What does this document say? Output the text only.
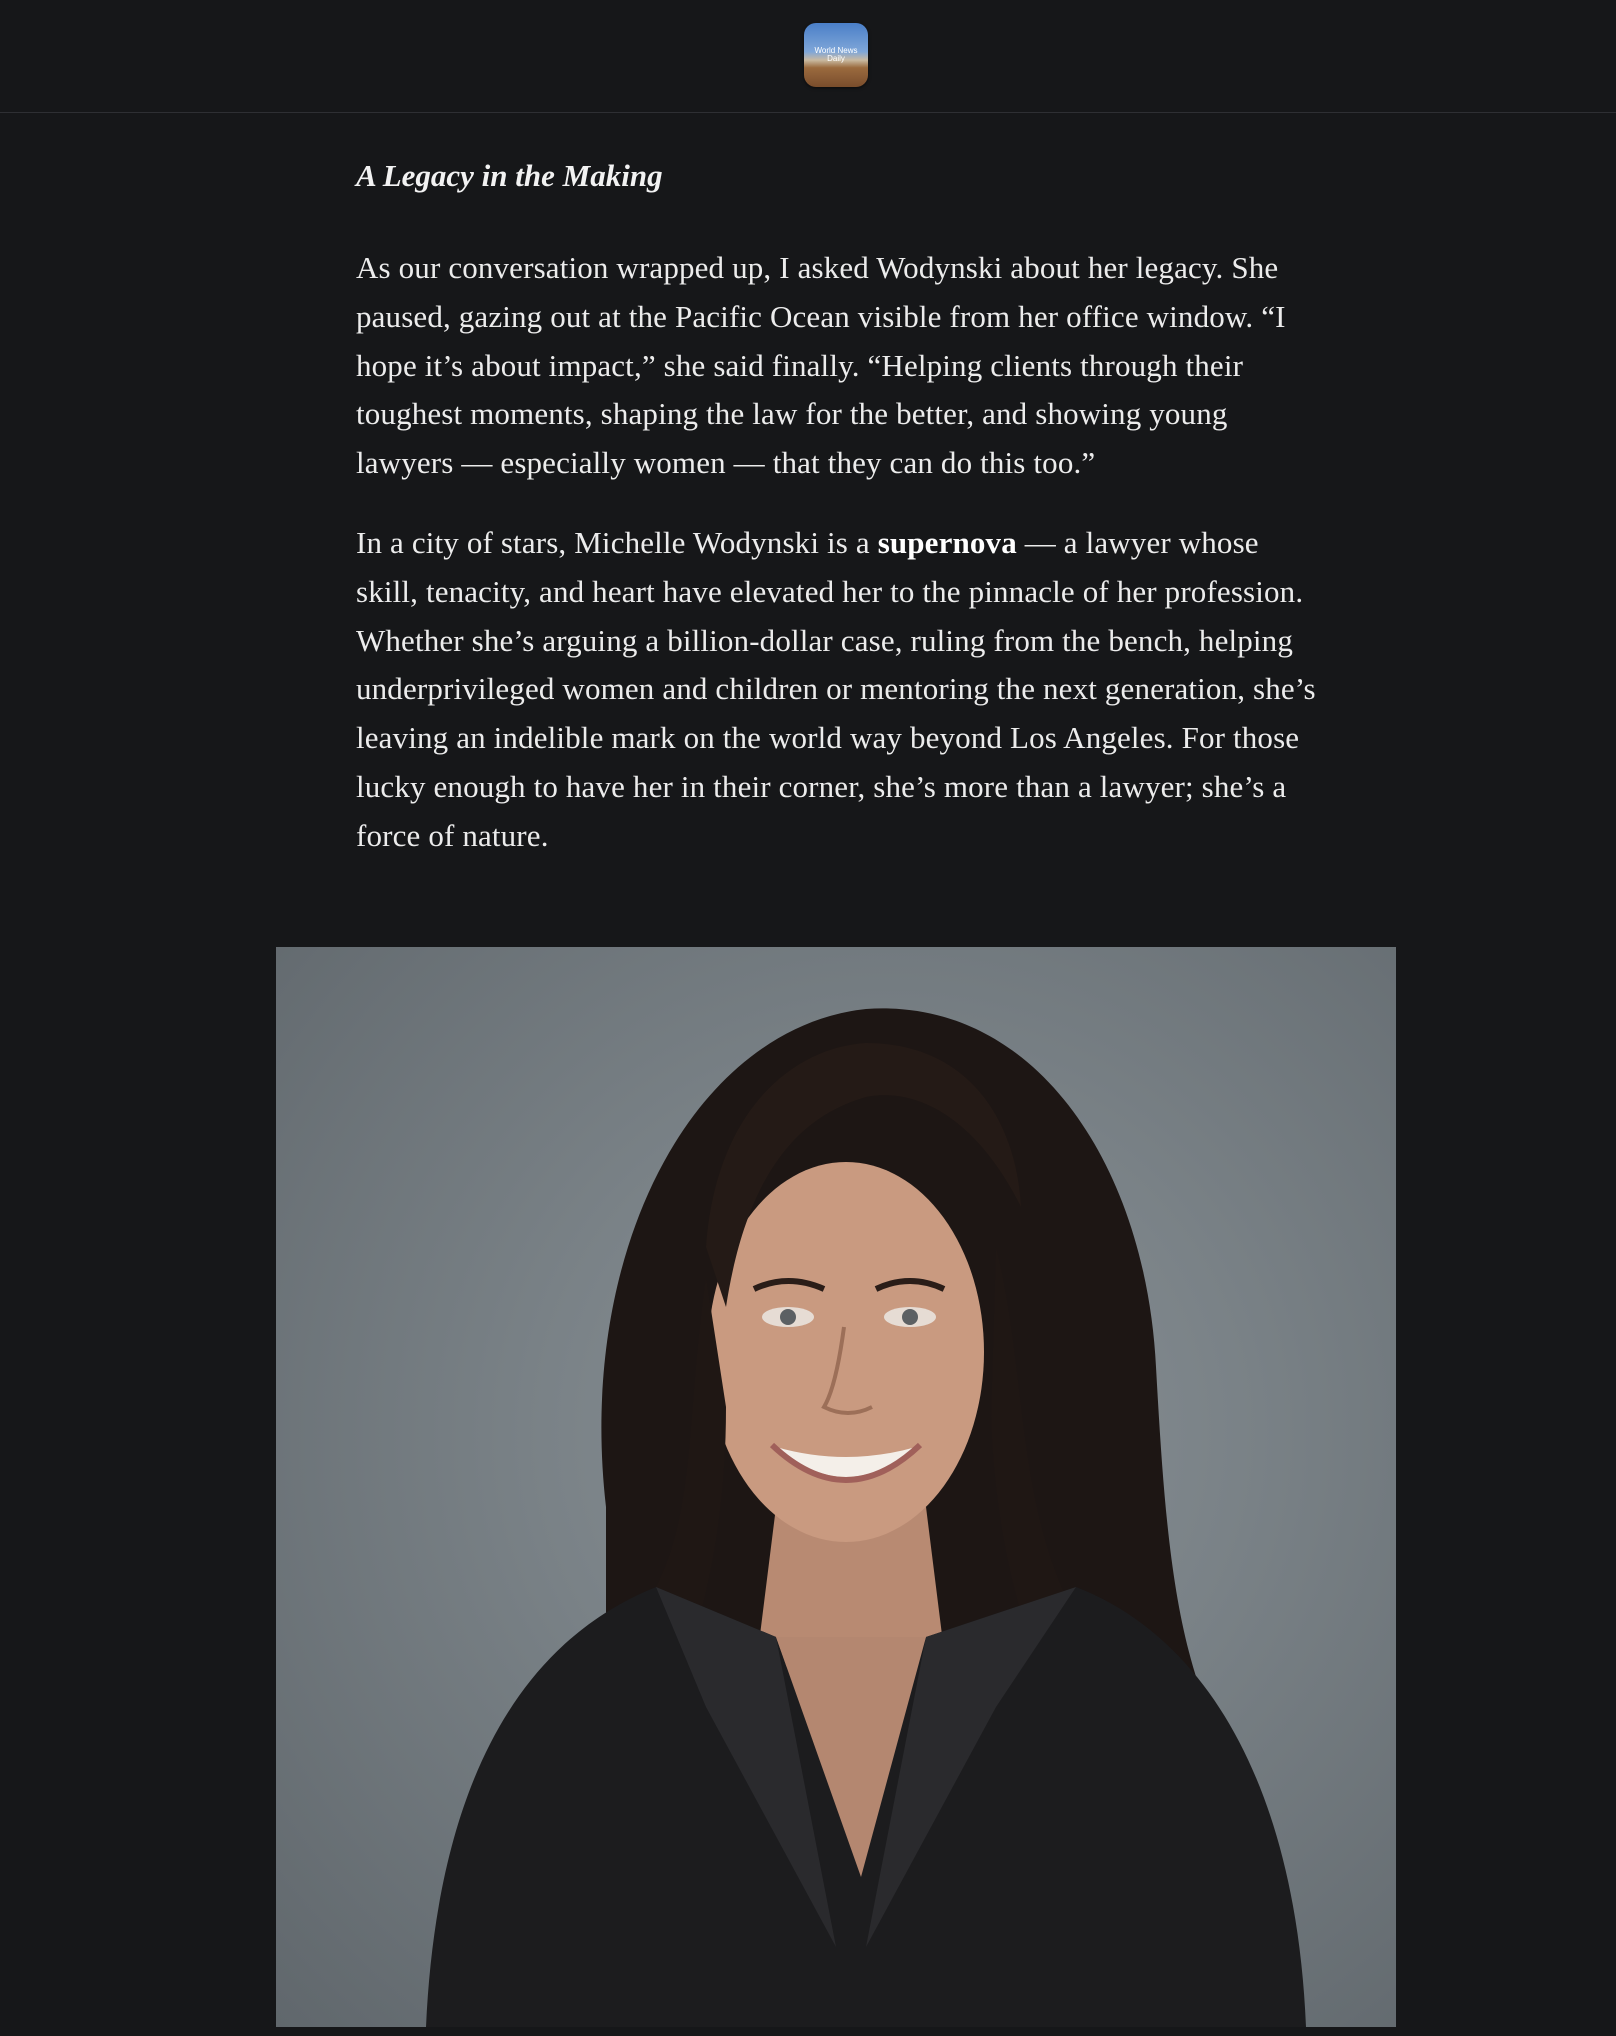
World News
Daily
A Legacy in the Making

As our conversation wrapped up, I asked Wodynski about her legacy. She paused, gazing out at the Pacific Ocean visible from her office window. “I hope it’s about impact,” she said finally. “Helping clients through their toughest moments, shaping the law for the better, and showing young lawyers — especially women — that they can do this too.”

In a city of stars, Michelle Wodynski is a supernova — a lawyer whose skill, tenacity, and heart have elevated her to the pinnacle of her profession. Whether she’s arguing a billion-dollar case, ruling from the bench, helping underprivileged women and children or mentoring the next generation, she’s leaving an indelible mark on the world way beyond Los Angeles. For those lucky enough to have her in their corner, she’s more than a lawyer; she’s a force of nature.
